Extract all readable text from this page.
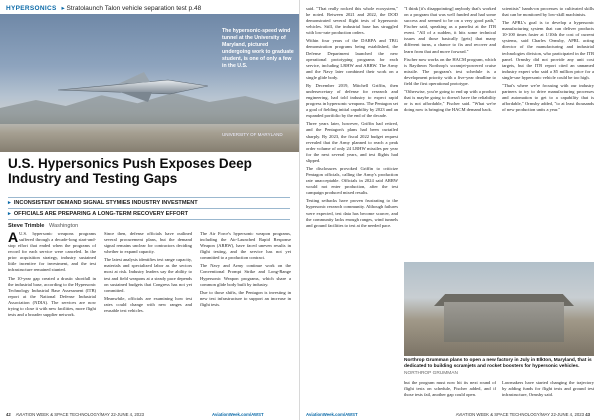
HYPERSONICS ▸ Stratolaunch Talon vehicle separation test p.48
The hypersonic-speed wind tunnel at the University of Maryland, pictured undergoing work to graduate student, is one of only a few in the U.S.
UNIVERSITY OF MARYLAND
U.S. Hypersonics Push Exposes Deep Industry and Testing Gaps
▸ INCONSISTENT DEMAND SIGNAL STYMIES INDUSTRY INVESTMENT
▸ OFFICIALS ARE PREPARING A LONG-TERM RECOVERY EFFORT
Steve Trimble Washington

A U.S. hypersonic weapons programs suffered through a decade-long start-and-stop effort that ended when the programs of record for each service were canceled. In the prior acquisition strategy, industry sustained little incentive for investment, and the test infrastructure remained stunted.

The 10-year gap created a drastic shortfall in the industrial base, according to the Hypersonic Technology Industrial Base Assessment (ITB) report at the National Defense Industrial Association (NDIA). The services are now trying to close it with new facilities, more flight tests and a broader supplier network.

Since then, defense officials have outlined several procurement plans, but the demand signal remains unclear for contractors deciding whether to expand capacity.

The latest analysis identifies test range capacity, materials and specialized labor as the sectors most at risk. Industry leaders say the ability to test and field weapons at a steady pace depends on sustained budgets that Congress has not yet committed.

Meanwhile, officials are examining how test rates could change with new ranges and reusable test vehicles.

The Air Force's hypersonic weapon programs, including the Air-Launched Rapid Response Weapon (ARRW), have faced uneven results in flight testing, and the service has not yet committed to a production contract.

The Navy and Army continue work on the Conventional Prompt Strike and Long-Range Hypersonic Weapon programs, which share a common glide body built by industry.

Due to those shifts, the Pentagon is investing in new test infrastructure to support an increase in flight tests.

42 AVIATION WEEK & SPACE TECHNOLOGY/MAY 22-JUNE 4, 2023	AviationWeek.com/AWST

said. "That really rocked this whole ecosystem," he noted. Between 2021 and 2022, the DOD demonstrated several flight tests of hypersonic vehicles. Still, the industrial base has struggled with low-rate production orders.

Within four years of the DARPA and TBG demonstration programs being established, the Defense Department launched the new operational prototyping programs for each service, including LRHW and ARRW. The Army and the Navy later combined their work on a single glide body.

By December 2019, Mitchell Griffin, then undersecretary of defense for research and engineering, had told industry to expect rapid progress in hypersonic weapons. The Pentagon set a goal of fielding initial capability by 2023 and an expanded portfolio by the end of the decade.

Three years later, however, Griffin had retired, and the Pentagon's plans had been curtailed sharply. By 2023, the fiscal 2022 budget request revealed that the Army planned to reach a peak order volume of only 24 LRHW missiles per year for the next several years, and test flights had slipped.

The disclosures provoked Griffin to criticize Pentagon officials, calling the Army's production rate unacceptable. Officials in 2024 said ARRW would not enter production, after the test campaign produced mixed results.

Testing setbacks have proven frustrating to the hypersonic research community. Although failures were expected, test data has become scarcer, and the community lacks enough ranges, wind tunnels and ground facilities to test at the needed pace.

"I think [it's disappointing] anybody that's worked on a program that was well funded and had some success and seemed to be on a very good path," Fischer said, speaking as a panelist at the ITB event. "All of a sudden, it hits some technical issues and those basically [gets] that many different turns, a chance to fix and recover and learn from that and move forward."

Fischer now works on the HACM program, which is Raytheon Northrop's scramjet-powered cruise missile. The program's test schedule is a development priority with a five-year deadline to field the first operational prototype.

"Otherwise, you're going to end up with a product that is maybe going to doesn't have the reliability or is not affordable," Fischer said. "What we're doing now is bringing the HACM demand back.

scientists" hands-on processes to cultivated skills that can be monitored by low-skill machinists.

The APRL's goal is to develop a hypersonic manufacturing system that can deliver products 10-100 times faster at 1/10th the cost of current systems, said Charles Ormsby, APRL acting director of the manufacturing and industrial technologies division, who participated in the ITB panel. Ormsby did not provide any unit cost targets, but the ITB report cited an unnamed industry expert who said a $5 million price for a single-use hypersonic vehicle could be too high.

"That's where we're focusing with our industry partners to try to drive manufacturing processes and automation to get to a capability that is affordable," Ormsby added, "to at least thousands of new production units a year."

Northrop Grumman plans to open a new factory in July in Elkton, Maryland, that is dedicated to building scramjets and rocket boosters for hypersonic vehicles. NORTHROP GRUMMAN

but the program must now hit its next round of flight tests on schedule, Fischer added, and if those tests fail, another gap could open.

Lawmakers have started changing the trajectory by adding funds for flight tests and ground test infrastructure, Ormsby said.

AviationWeek.com/AWST	AVIATION WEEK & SPACE TECHNOLOGY/MAY 22-JUNE 4, 2023 43
